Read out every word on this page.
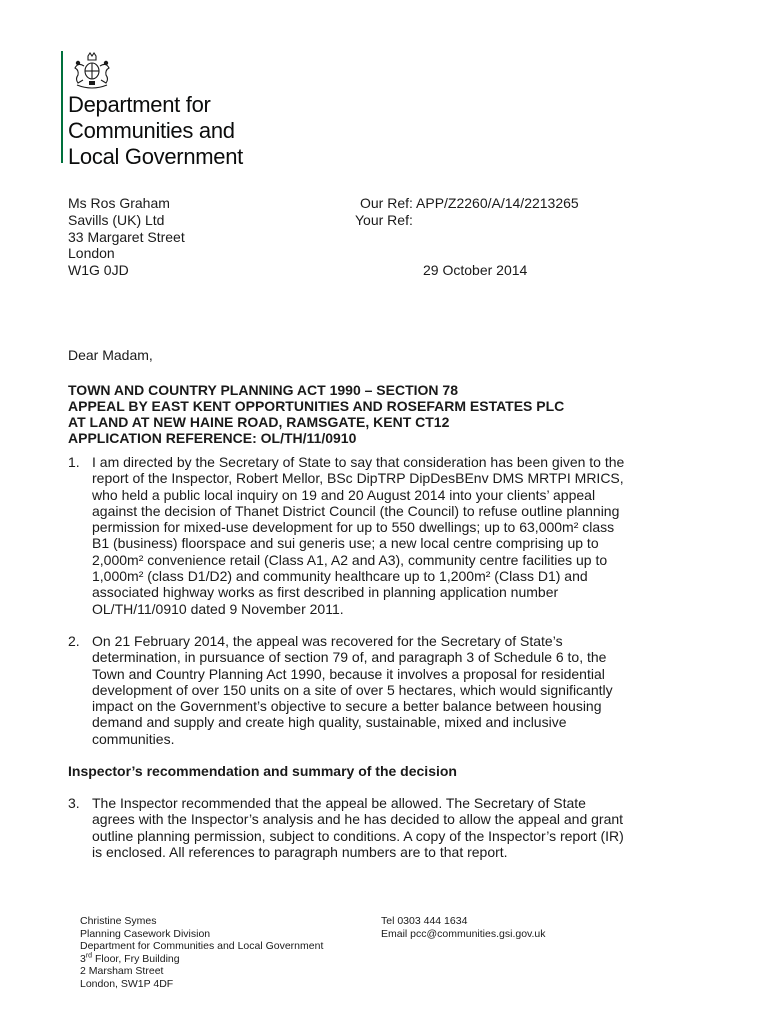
Department for
Communities and
Local Government
Ms Ros Graham
Savills (UK) Ltd
33 Margaret Street
London
W1G 0JD
Our Ref: APP/Z2260/A/14/2213265
Your Ref:
29 October 2014
Dear Madam,
TOWN AND COUNTRY PLANNING ACT 1990 – SECTION 78
APPEAL BY EAST KENT OPPORTUNITIES AND ROSEFARM ESTATES PLC
AT LAND AT NEW HAINE ROAD, RAMSGATE, KENT CT12
APPLICATION REFERENCE: OL/TH/11/0910
1. I am directed by the Secretary of State to say that consideration has been given to the
report of the Inspector, Robert Mellor, BSc DipTRP DipDesBEnv DMS MRTPI MRICS,
who held a public local inquiry on 19 and 20 August 2014 into your clients’ appeal
against the decision of Thanet District Council (the Council) to refuse outline planning
permission for mixed-use development for up to 550 dwellings; up to 63,000m² class
B1 (business) floorspace and sui generis use; a new local centre comprising up to
2,000m² convenience retail (Class A1, A2 and A3), community centre facilities up to
1,000m² (class D1/D2) and community healthcare up to 1,200m² (Class D1) and
associated highway works as first described in planning application number
OL/TH/11/0910 dated 9 November 2011.
2. On 21 February 2014, the appeal was recovered for the Secretary of State’s
determination, in pursuance of section 79 of, and paragraph 3 of Schedule 6 to, the
Town and Country Planning Act 1990, because it involves a proposal for residential
development of over 150 units on a site of over 5 hectares, which would significantly
impact on the Government’s objective to secure a better balance between housing
demand and supply and create high quality, sustainable, mixed and inclusive
communities.
Inspector’s recommendation and summary of the decision
3. The Inspector recommended that the appeal be allowed. The Secretary of State
agrees with the Inspector’s analysis and he has decided to allow the appeal and grant
outline planning permission, subject to conditions. A copy of the Inspector’s report (IR)
is enclosed. All references to paragraph numbers are to that report.
Christine Symes
Planning Casework Division
Department for Communities and Local Government
3rd Floor, Fry Building
2 Marsham Street
London, SW1P 4DF
Tel 0303 444 1634
Email pcc@communities.gsi.gov.uk
